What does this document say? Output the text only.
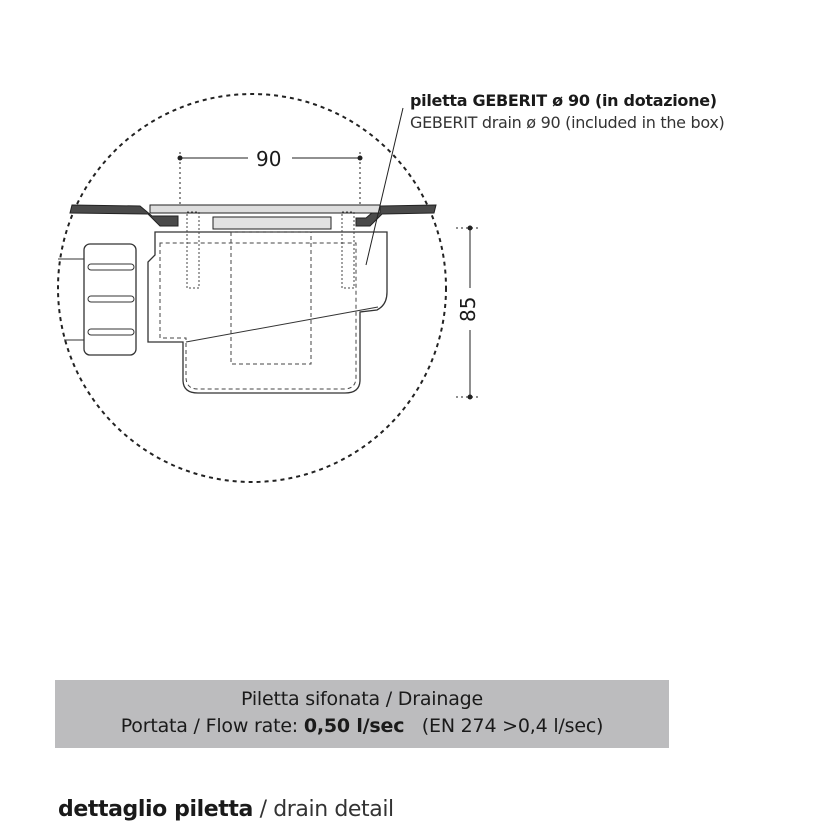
piletta GEBERIT ø 90 (in dotazione)
GEBERIT drain ø 90 (included in the box)
90
85
Piletta sifonata / Drainage
Portata / Flow rate: 0,50 l/sec (EN 274 >0,4 l/sec)
dettaglio piletta / drain detail
